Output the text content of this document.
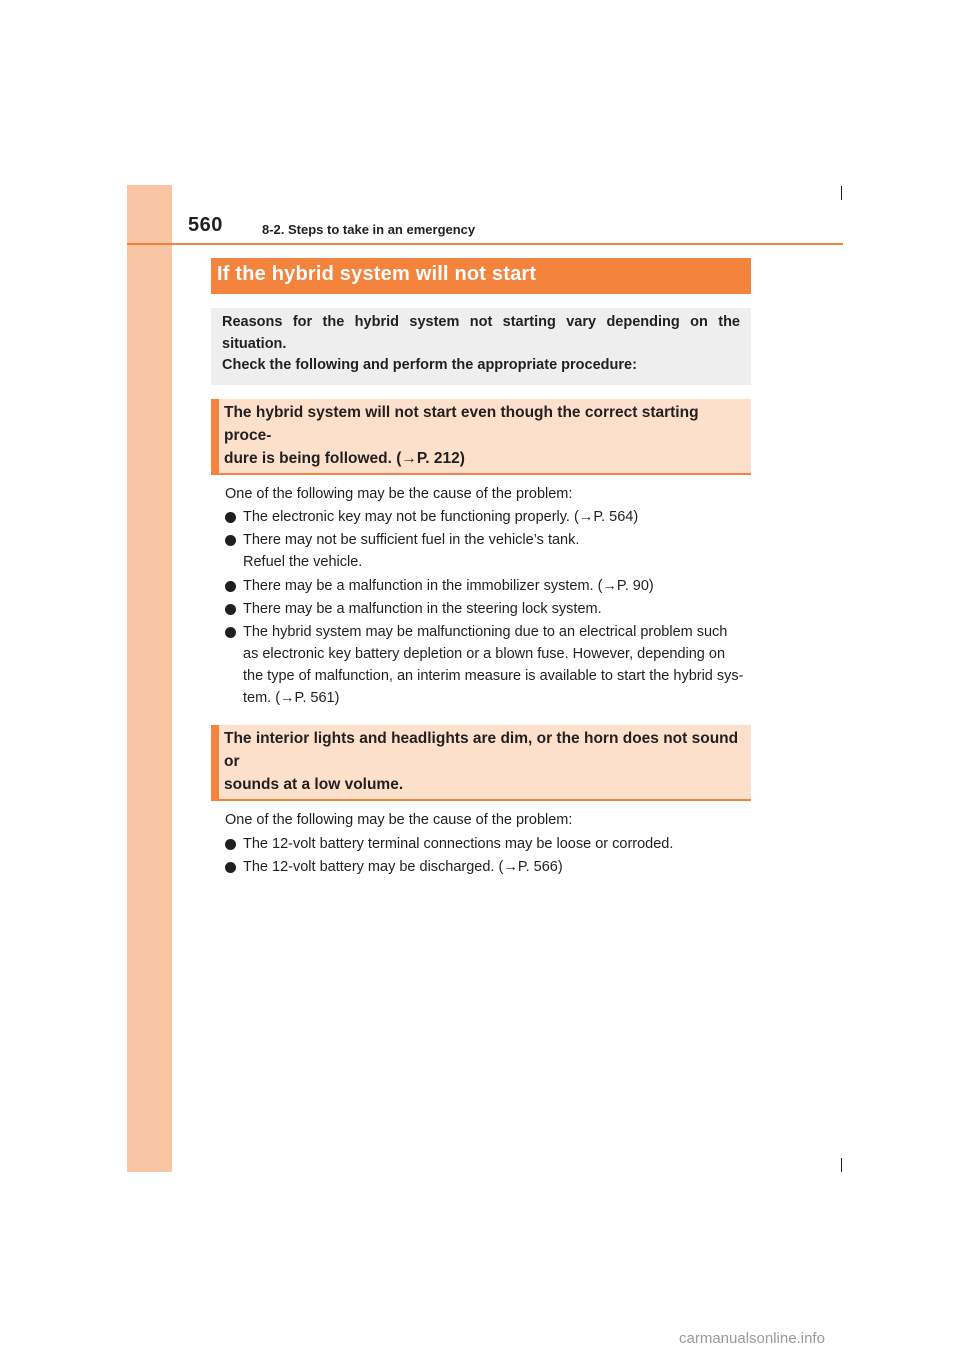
560	8-2. Steps to take in an emergency
If the hybrid system will not start
Reasons for the hybrid system not starting vary depending on the situation.
Check the following and perform the appropriate procedure:
The hybrid system will not start even though the correct starting proce-
dure is being followed. (→P. 212)
One of the following may be the cause of the problem:
The electronic key may not be functioning properly. (→P. 564)
There may not be sufficient fuel in the vehicle’s tank.
Refuel the vehicle.
There may be a malfunction in the immobilizer system. (→P. 90)
There may be a malfunction in the steering lock system.
The hybrid system may be malfunctioning due to an electrical problem such
as electronic key battery depletion or a blown fuse. However, depending on
the type of malfunction, an interim measure is available to start the hybrid sys-
tem. (→P. 561)
The interior lights and headlights are dim, or the horn does not sound or
sounds at a low volume.
One of the following may be the cause of the problem:
The 12-volt battery terminal connections may be loose or corroded.
The 12-volt battery may be discharged. (→P. 566)
carmanualsonline.info
